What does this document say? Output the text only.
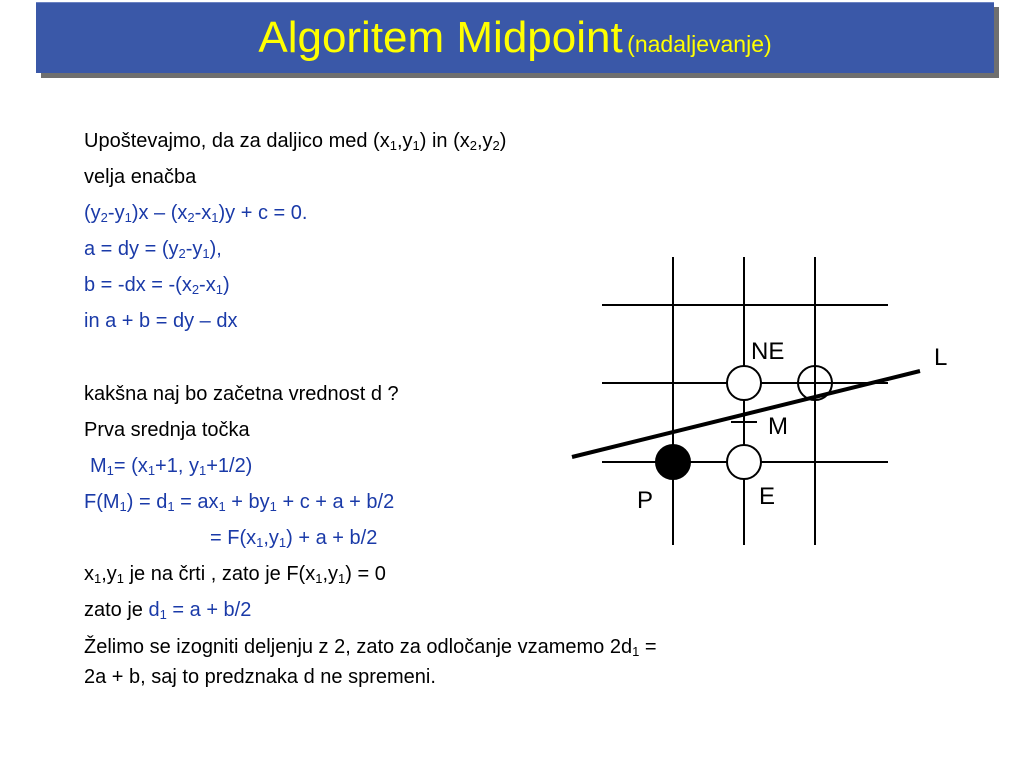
Algoritem Midpoint (nadaljevanje)
Upoštevajmo, da za daljico med $(x_1,y_1)$ in $(x_2,y_2)$
velja enačba
$(y_2-y_1)x - (x_2-x_1)y + c = 0$.
a = dy = $(y_2-y_1)$,
$b = -dx = -(x_2-x_1)$
in a + b = dy – dx
kakšna naj bo začetna vrednost d ?
Prva srednja točka
$M_1= (x_1+1$, $y_1+1/2$)
$F(M_1) = d_1 = ax_1 + by_1 + c + a + b/2$
= $F(x_1,y_1) + a + b/2$
$x_1,y_1$ je na črti , zato je $F(x_1,y_1) = 0$
zato je $d_1 = a + b/2$
Želimo se izogniti deljenju z 2, zato za odločanje vzamemo $2d_1 = 2a + b$, saj to predznaka d ne spremeni.
NE	L
M
P	E
